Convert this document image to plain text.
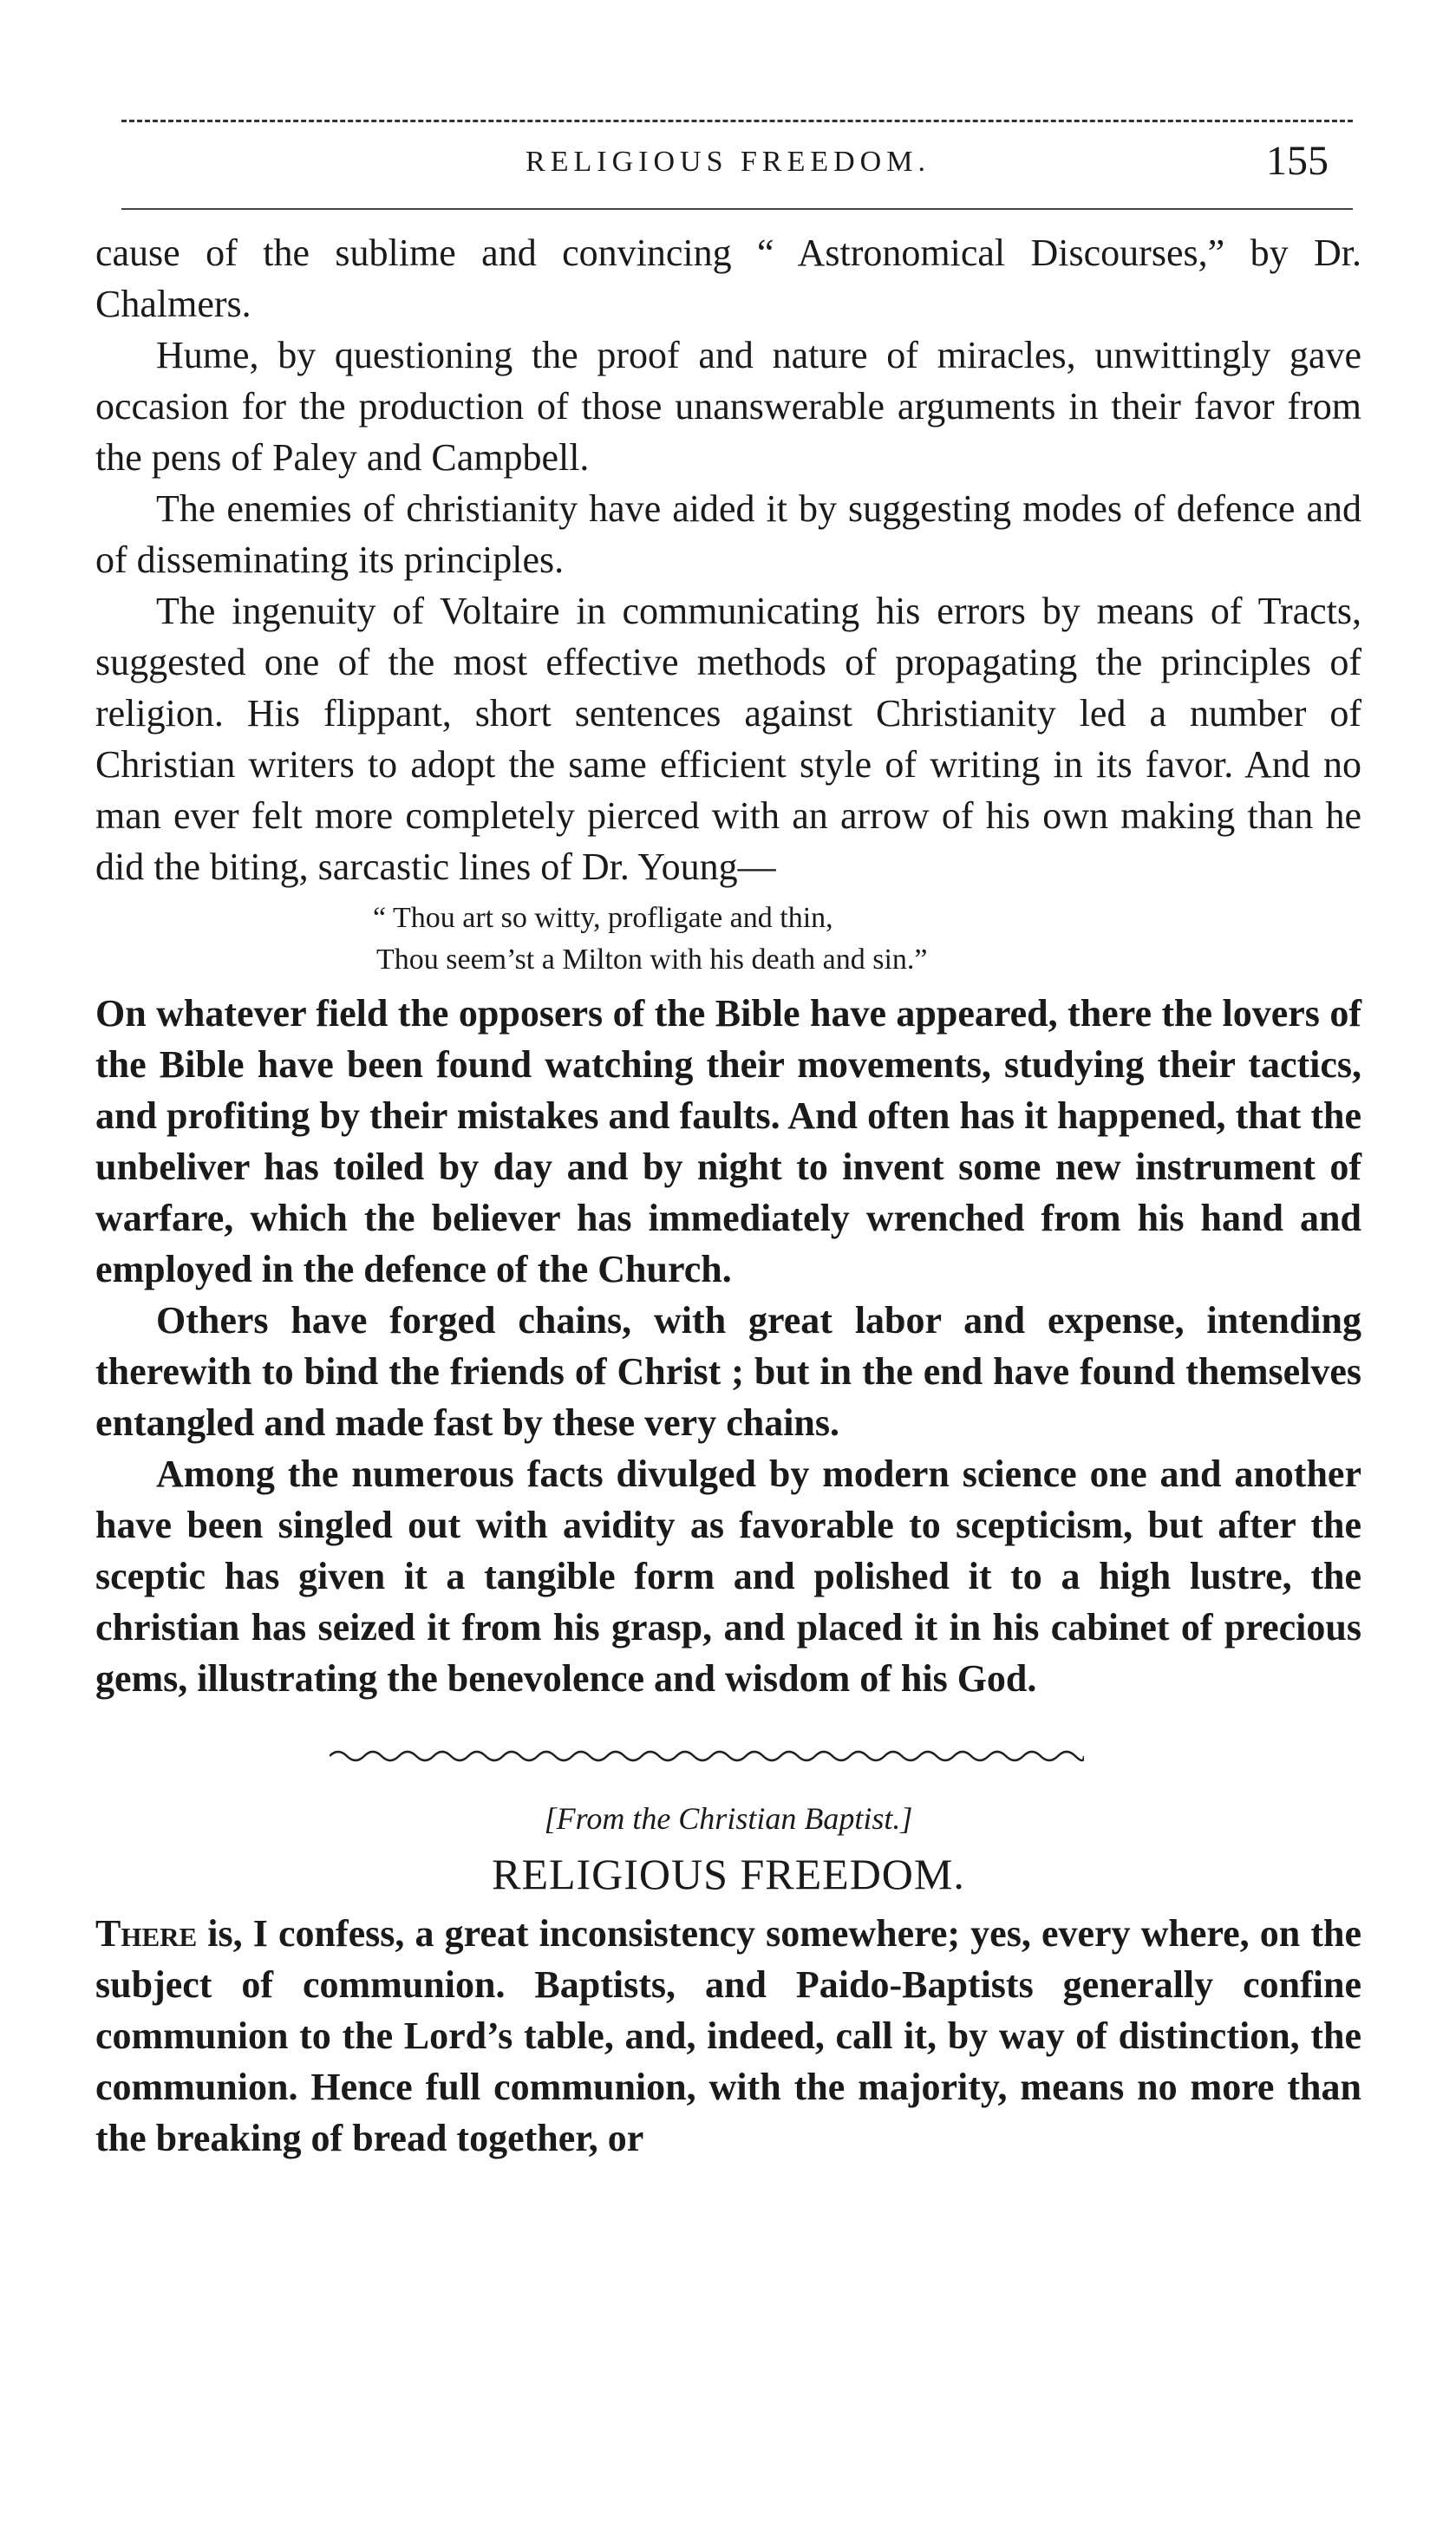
RELIGIOUS FREEDOM.	155

cause of the sublime and convincing “ Astronomical Discourses,” by Dr. Chalmers.

Hume, by questioning the proof and nature of miracles, unwittingly gave occasion for the production of those unanswerable arguments in their favor from the pens of Paley and Campbell.

The enemies of christianity have aided it by suggesting modes of defence and of disseminating its principles.

The ingenuity of Voltaire in communicating his errors by means of Tracts, suggested one of the most effective methods of propagating the principles of religion. His flippant, short sentences against Christianity led a number of Christian writers to adopt the same efficient style of writing in its favor. And no man ever felt more completely pierced with an arrow of his own making than he did the biting, sarcastic lines of Dr. Young—

“ Thou art so witty, profligate and thin,
Thou seem’st a Milton with his death and sin.”

On whatever field the opposers of the Bible have appeared, there the lovers of the Bible have been found watching their movements, studying their tactics, and profiting by their mistakes and faults. And often has it happened, that the unbeliver has toiled by day and by night to invent some new instrument of warfare, which the believer has immediately wrenched from his hand and employed in the defence of the Church.

Others have forged chains, with great labor and expense, intending therewith to bind the friends of Christ ; but in the end have found themselves entangled and made fast by these very chains.

Among the numerous facts divulged by modern science one and another have been singled out with avidity as favorable to scepticism, but after the sceptic has given it a tangible form and polished it to a high lustre, the christian has seized it from his grasp, and placed it in his cabinet of precious gems, illustrating the benevolence and wisdom of his God.

[From the Christian Baptist.]
RELIGIOUS FREEDOM.

There is, I confess, a great inconsistency somewhere; yes, every where, on the subject of communion. Baptists, and Paido-Baptists generally confine communion to the Lord’s table, and, indeed, call it, by way of distinction, the communion. Hence full communion, with the majority, means no more than the breaking of bread together, or
